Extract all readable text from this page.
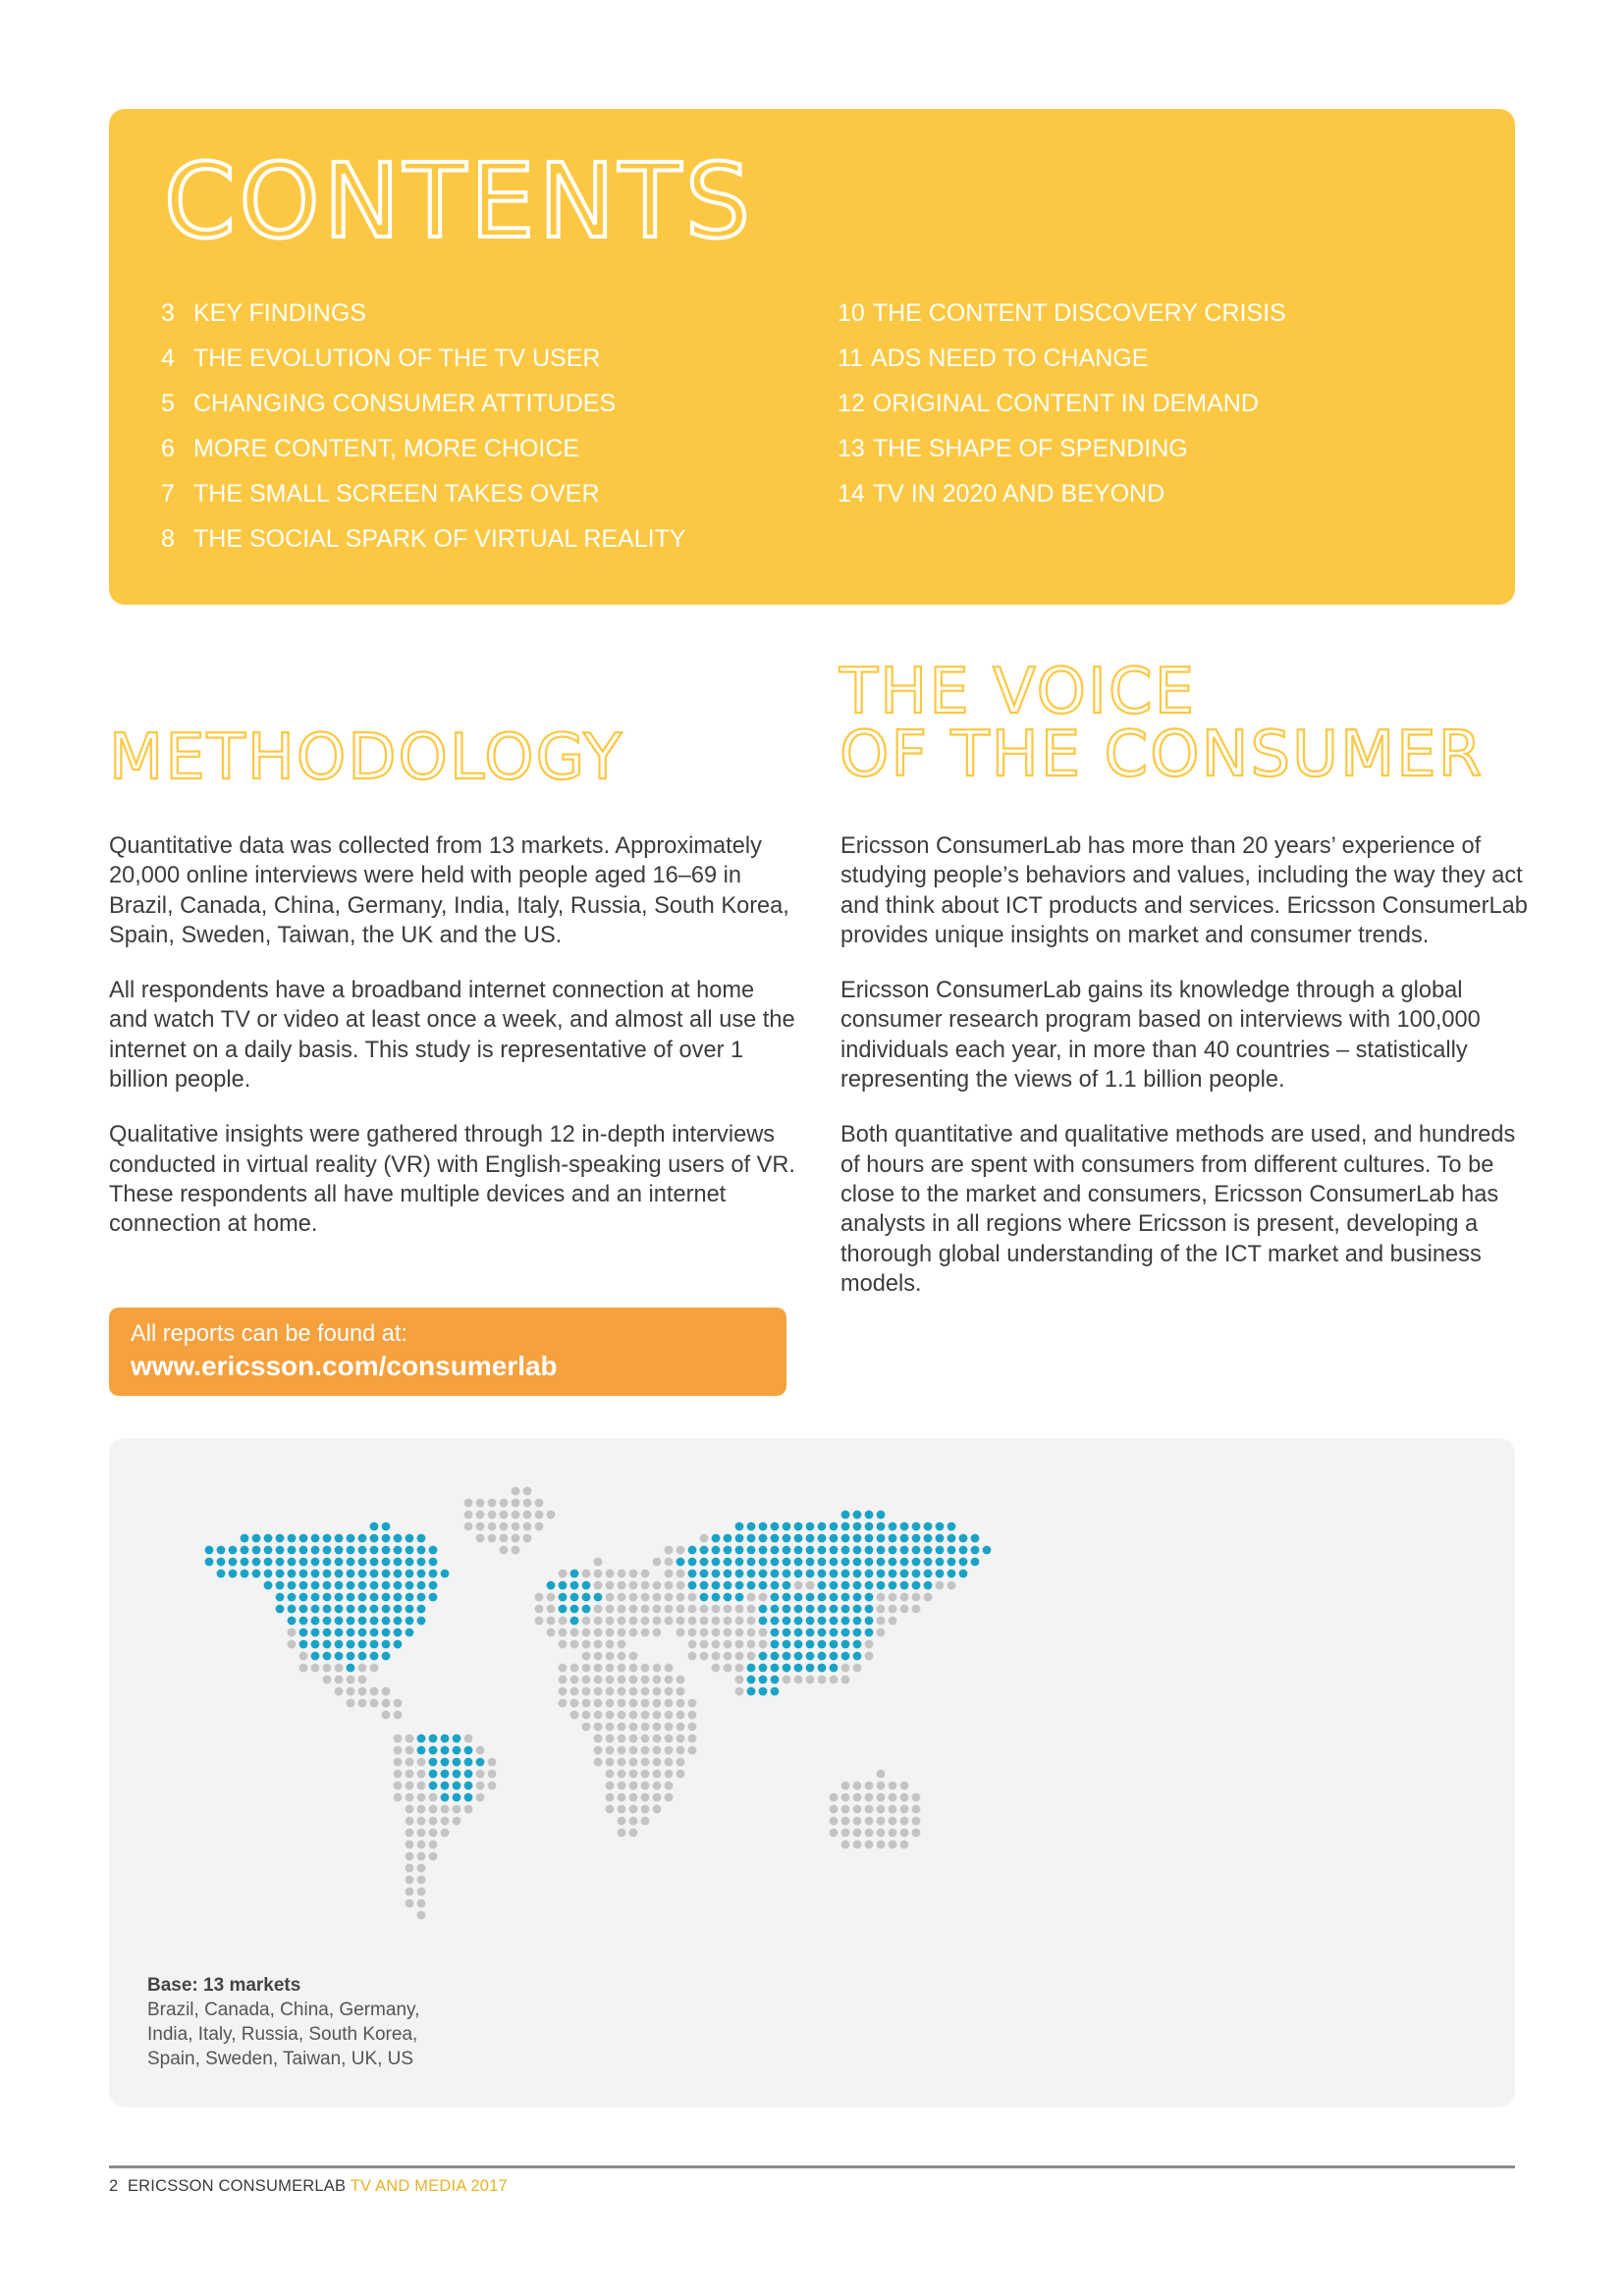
CONTENTS
3 KEY FINDINGS
4 THE EVOLUTION OF THE TV USER
5 CHANGING CONSUMER ATTITUDES
6 MORE CONTENT, MORE CHOICE
7 THE SMALL SCREEN TAKES OVER
8 THE SOCIAL SPARK OF VIRTUAL REALITY
10 THE CONTENT DISCOVERY CRISIS
11 ADS NEED TO CHANGE
12 ORIGINAL CONTENT IN DEMAND
13 THE SHAPE OF SPENDING
14 TV IN 2020 AND BEYOND
METHODOLOGY
THE VOICE
OF THE CONSUMER

Quantitative data was collected from 13 markets. Approximately 20,000 online interviews were held with people aged 16–69 in Brazil, Canada, China, Germany, India, Italy, Russia, South Korea, Spain, Sweden, Taiwan, the UK and the US.

All respondents have a broadband internet connection at home and watch TV or video at least once a week, and almost all use the internet on a daily basis. This study is representative of over 1 billion people.

Qualitative insights were gathered through 12 in-depth interviews conducted in virtual reality (VR) with English-speaking users of VR. These respondents all have multiple devices and an internet connection at home.

Ericsson ConsumerLab has more than 20 years’ experience of studying people’s behaviors and values, including the way they act and think about ICT products and services. Ericsson ConsumerLab provides unique insights on market and consumer trends.

Ericsson ConsumerLab gains its knowledge through a global consumer research program based on interviews with 100,000 individuals each year, in more than 40 countries – statistically representing the views of 1.1 billion people.

Both quantitative and qualitative methods are used, and hundreds of hours are spent with consumers from different cultures. To be close to the market and consumers, Ericsson ConsumerLab has analysts in all regions where Ericsson is present, developing a thorough global understanding of the ICT market and business models.

All reports can be found at:
www.ericsson.com/consumerlab
Base: 13 markets
Brazil, Canada, China, Germany,
India, Italy, Russia, South Korea,
Spain, Sweden, Taiwan, UK, US
2 ERICSSON CONSUMERLAB TV AND MEDIA 2017
